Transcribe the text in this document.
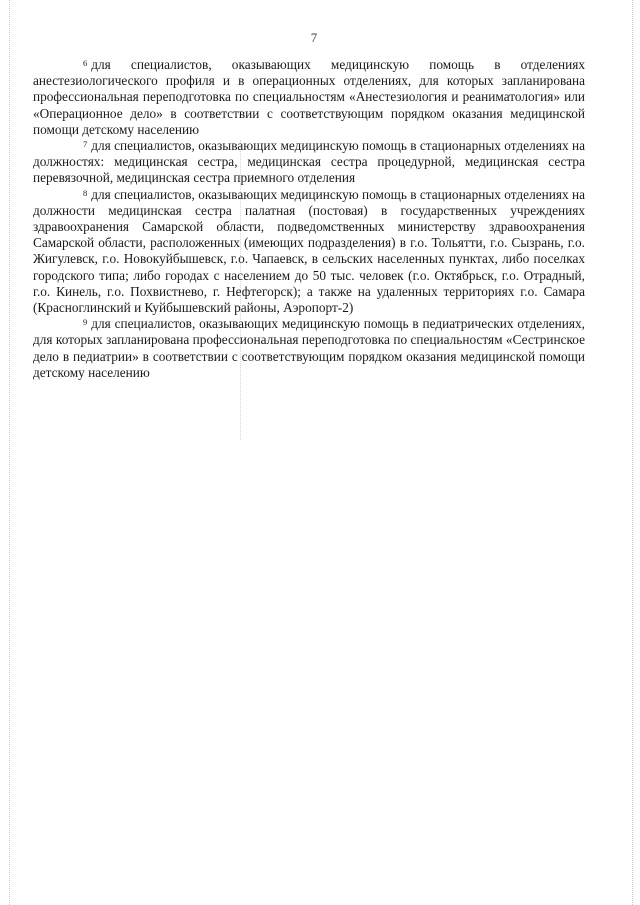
7

$^6$ для специалистов, оказывающих медицинскую помощь в отделениях анестезиологического профиля и в операционных отделениях, для которых запланирована профессиональная переподготовка по специальностям «Анестезиология и реаниматология» или «Операционное дело» в соответствии с соответствующим порядком оказания медицинской помощи детскому населению

$^7$ для специалистов, оказывающих медицинскую помощь в стационарных отделениях на должностях: медицинская сестра, медицинская сестра процедурной, медицинская сестра перевязочной, медицинская сестра приемного отделения

$^8$ для специалистов, оказывающих медицинскую помощь в стационарных отделениях на должности медицинская сестра палатная (постовая) в государственных учреждениях здравоохранения Самарской области, подведомственных министерству здравоохранения Самарской области, расположенных (имеющих подразделения) в г.о. Тольятти, г.о. Сызрань, г.о. Жигулевск, г.о. Новокуйбышевск, г.о. Чапаевск, в сельских населенных пунктах, либо поселках городского типа; либо городах с населением до 50 тыс. человек (г.о. Октябрьск, г.о. Отрадный, г.о. Кинель, г.о. Похвистнево, г. Нефтегорск); а также на удаленных территориях г.о. Самара (Красноглинский и Куйбышевский районы, Аэропорт-2)

$^9$ для специалистов, оказывающих медицинскую помощь в педиатрических отделениях, для которых запланирована профессиональная переподготовка по специальностям «Сестринское дело в педиатрии» в соответствии с соответствующим порядком оказания медицинской помощи детскому населению
